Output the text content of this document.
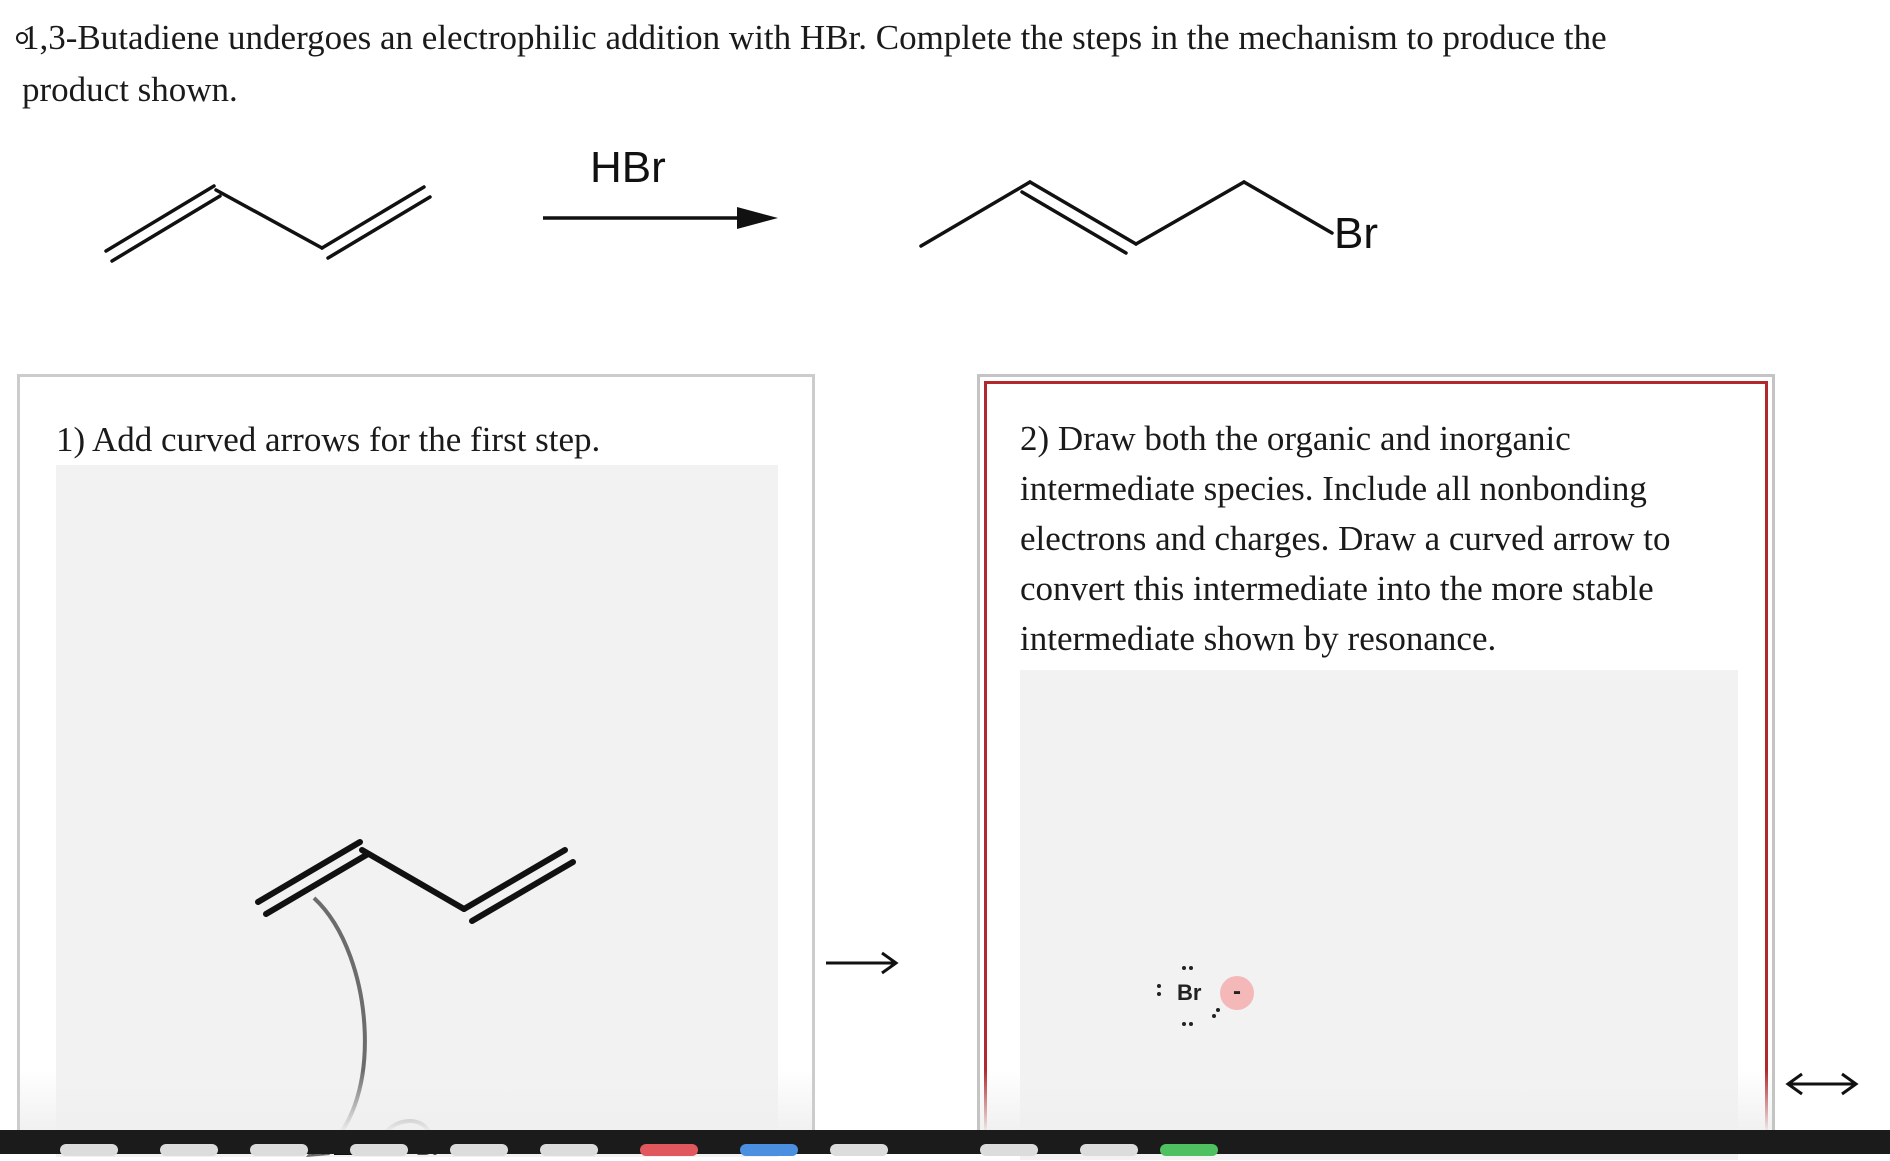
1,3-Butadiene undergoes an electrophilic addition with HBr. Complete the steps in the mechanism to produce the product shown.
HBr
Br
1) Add curved arrows for the first step.	2) Draw both the organic and inorganic intermediate species. Include all nonbonding electrons and charges. Draw a curved arrow to convert this intermediate into the more stable intermediate shown by resonance.
Br	-
